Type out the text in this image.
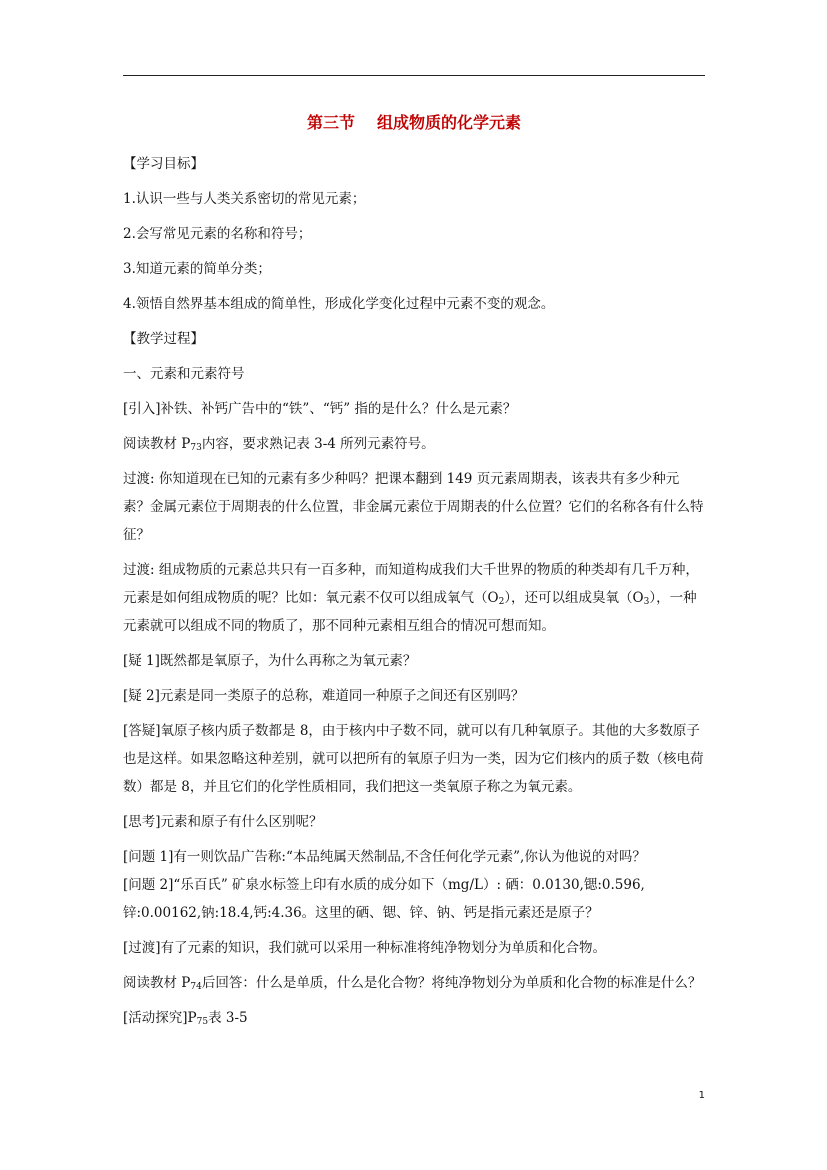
第三节 组成物质的化学元素

【学习目标】

1.认识一些与人类关系密切的常见元素；

2.会写常见元素的名称和符号；

3.知道元素的简单分类；

4.领悟自然界基本组成的简单性，形成化学变化过程中元素不变的观念。

【教学过程】

一、元素和元素符号

[引入]补铁、补钙广告中的“铁”、“钙” 指的是什么？什么是元素？

阅读教材 $P_{73}$内容，要求熟记表 3-4 所列元素符号。

过渡: 你知道现在已知的元素有多少种吗？把课本翻到 149 页元素周期表，该表共有多少种元素？金属元素位于周期表的什么位置，非金属元素位于周期表的什么位置？它们的名称各有什么特征？

过渡: 组成物质的元素总共只有一百多种，而知道构成我们大千世界的物质的种类却有几千万种，元素是如何组成物质的呢？比如：氧元素不仅可以组成氧气$(O_2)$，还可以组成臭氧$(O_3)$，一种元素就可以组成不同的物质了，那不同种元素相互组合的情况可想而知。

[疑 1]既然都是氧原子，为什么再称之为氧元素？

[疑 2]元素是同一类原子的总称，难道同一种原子之间还有区别吗？

[答疑]氧原子核内质子数都是 8，由于核内中子数不同，就可以有几种氧原子。其他的大多数原子也是这样。如果忽略这种差别，就可以把所有的氧原子归为一类，因为它们核内的质子数（核电荷数）都是 8，并且它们的化学性质相同，我们把这一类氧原子称之为氧元素。

[思考]元素和原子有什么区别呢？

[问题 1]有一则饮品广告称:“本品纯属天然制品,不含任何化学元素”,你认为他说的对吗？

[问题 2]“乐百氏” 矿泉水标签上印有水质的成分如下（mg/L）: 硒：0.0130,锶:0.596,锌:0.00162,钠:18.4,钙:4.36。这里的硒、锶、锌、钠、钙是指元素还是原子？

[过渡]有了元素的知识，我们就可以采用一种标准将纯净物划分为单质和化合物。

阅读教材 $P_{74}$后回答：什么是单质，什么是化合物？将纯净物划分为单质和化合物的标准是什么？

[活动探究]$P_{75}$表 3-5

1
